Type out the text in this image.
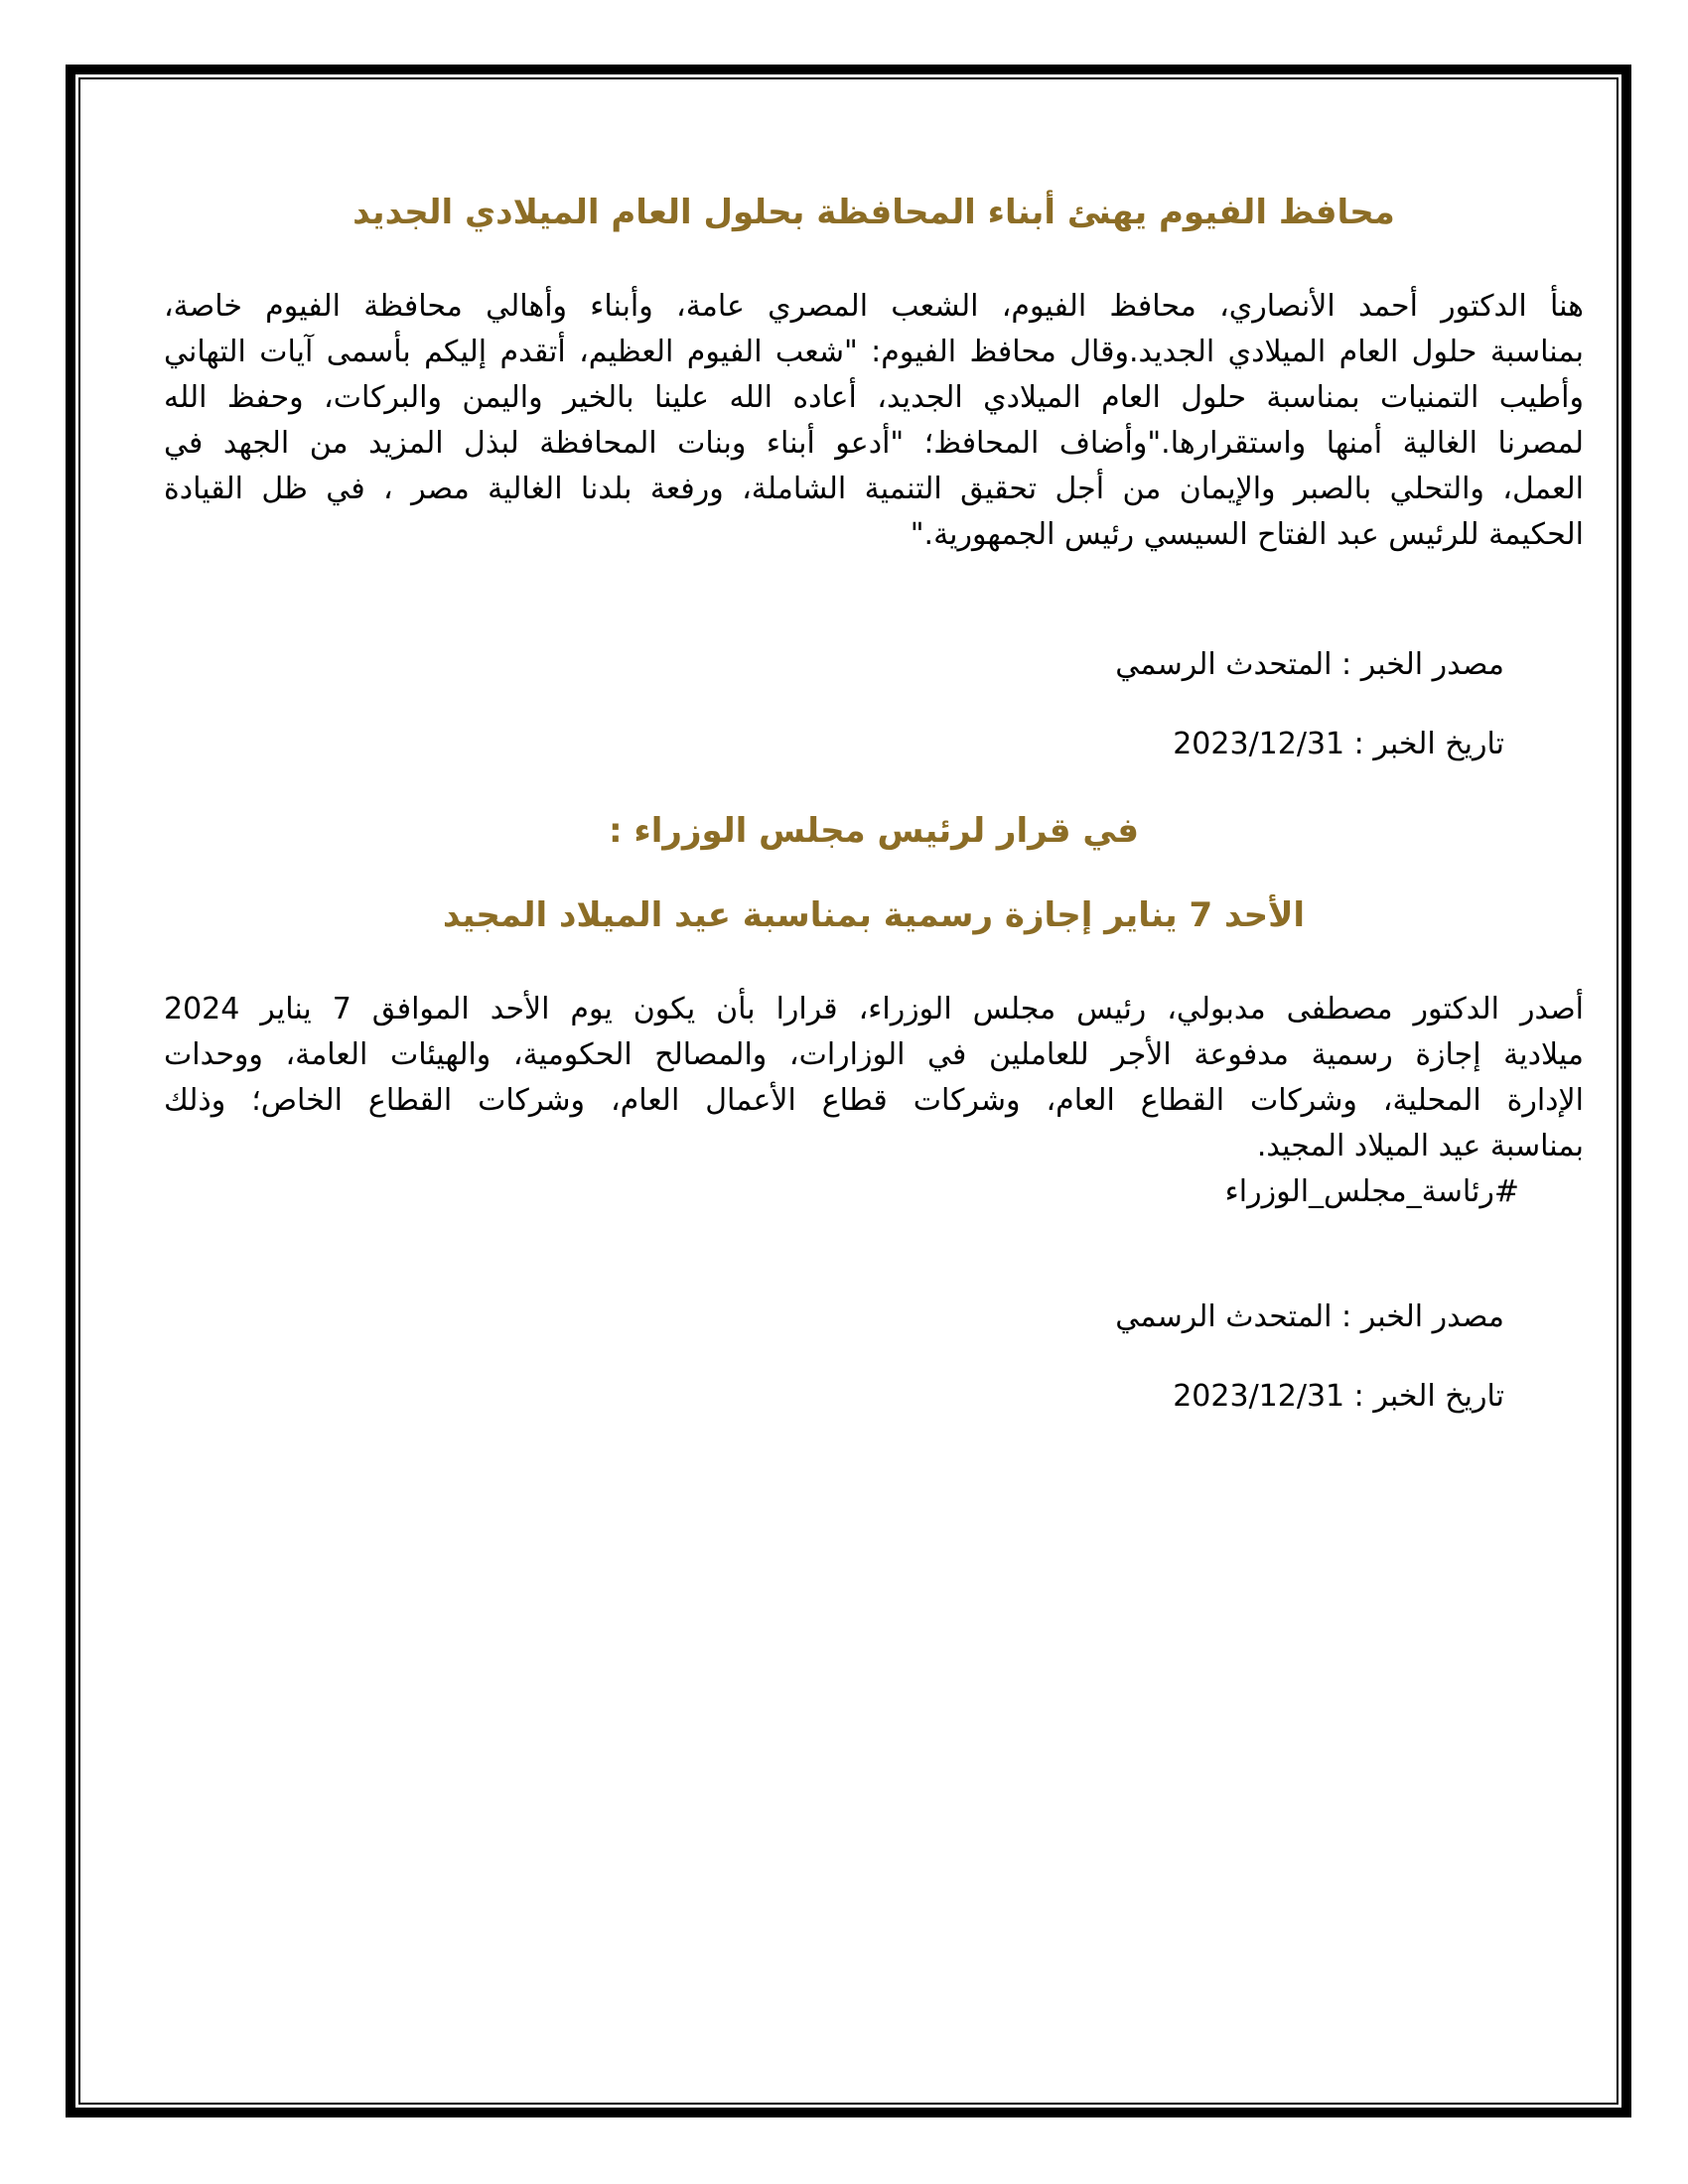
محافظ الفيوم يهنئ أبناء المحافظة بحلول العام الميلادي الجديد
هنأ الدكتور أحمد الأنصاري، محافظ الفيوم، الشعب المصري عامة، وأبناء وأهالي محافظة الفيوم خاصة،
بمناسبة حلول العام الميلادي الجديد.وقال محافظ الفيوم: "شعب الفيوم العظيم، أتقدم إليكم بأسمى آيات التهاني
وأطيب التمنيات بمناسبة حلول العام الميلادي الجديد، أعاده الله علينا بالخير واليمن والبركات، وحفظ الله
لمصرنا الغالية أمنها واستقرارها."وأضاف المحافظ؛ "أدعو أبناء وبنات المحافظة لبذل المزيد من الجهد في
العمل، والتحلي بالصبر والإيمان من أجل تحقيق التنمية الشاملة، ورفعة بلدنا الغالية مصر ، في ظل القيادة
الحكيمة للرئيس عبد الفتاح السيسي رئيس الجمهورية."
مصدر الخبر : المتحدث الرسمي
تاريخ الخبر : 2023/12/31
في قرار لرئيس مجلس الوزراء :
الأحد 7 يناير إجازة رسمية بمناسبة عيد الميلاد المجيد
أصدر الدكتور مصطفى مدبولي، رئيس مجلس الوزراء، قرارا بأن يكون يوم الأحد الموافق 7 يناير 2024
ميلادية إجازة رسمية مدفوعة الأجر للعاملين في الوزارات، والمصالح الحكومية، والهيئات العامة، ووحدات
الإدارة المحلية، وشركات القطاع العام، وشركات قطاع الأعمال العام، وشركات القطاع الخاص؛ وذلك
بمناسبة عيد الميلاد المجيد.
#رئاسة_مجلس_الوزراء
مصدر الخبر : المتحدث الرسمي
تاريخ الخبر : 2023/12/31
